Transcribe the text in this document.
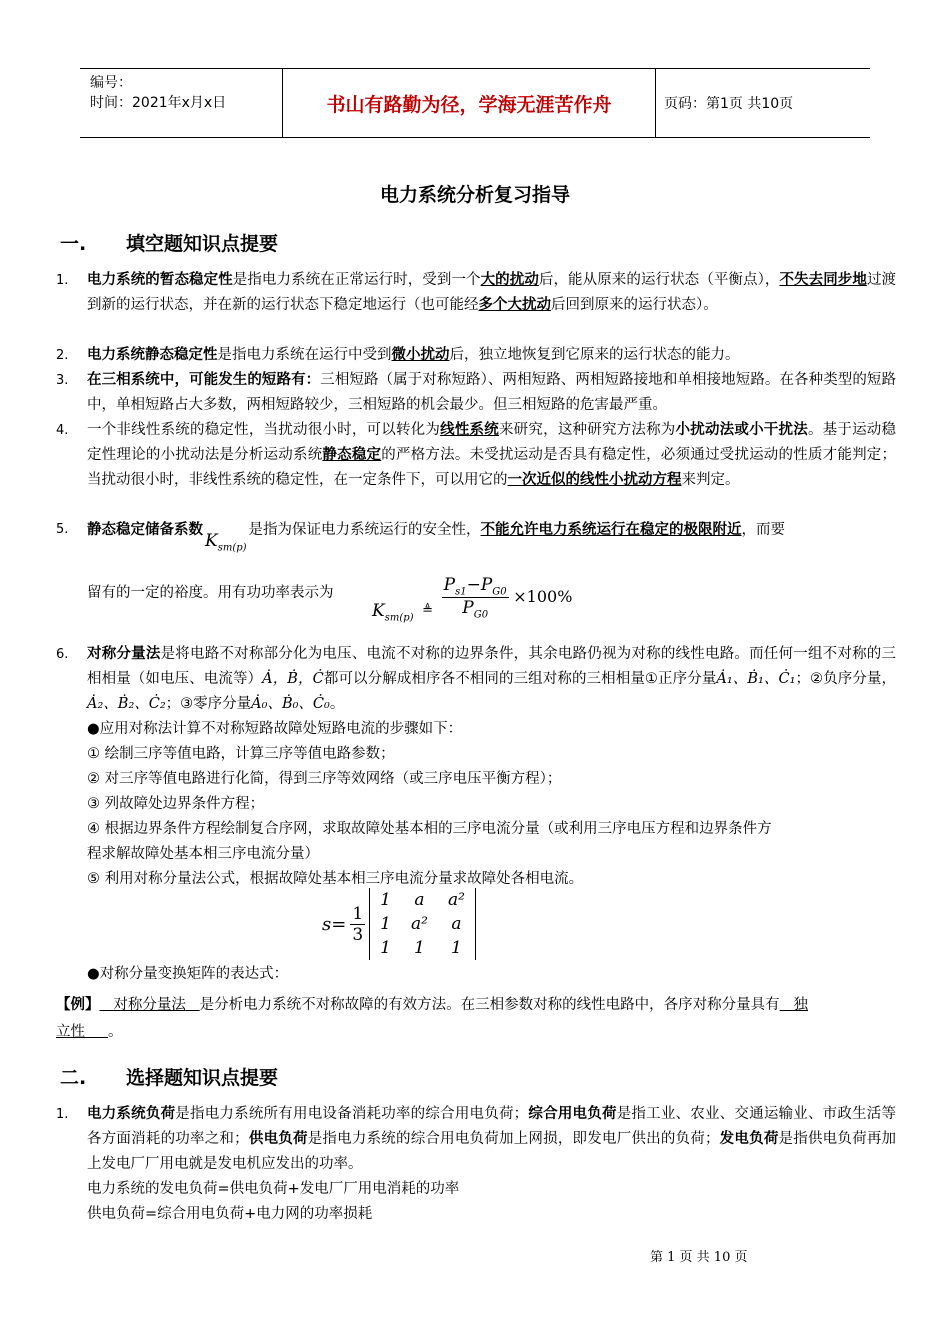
编号：
时间：2021年x月x日	书山有路勤为径，学海无涯苦作舟	页码：第1页 共10页
电力系统分析复习指导
一. 填空题知识点提要
1. 电力系统的暂态稳定性是指电力系统在正常运行时，受到一个大的扰动后，能从原来的运行状态（平衡点），不失去同步地过渡到新的运行状态，并在新的运行状态下稳定地运行（也可能经多个大扰动后回到原来的运行状态）。
2. 电力系统静态稳定性是指电力系统在运行中受到微小扰动后，独立地恢复到它原来的运行状态的能力。
3. 在三相系统中，可能发生的短路有：三相短路（属于对称短路）、两相短路、两相短路接地和单相接地短路。在各种类型的短路中，单相短路占大多数，两相短路较少，三相短路的机会最少。但三相短路的危害最严重。
4. 一个非线性系统的稳定性，当扰动很小时，可以转化为线性系统来研究，这种研究方法称为小扰动法或小干扰法。基于运动稳定性理论的小扰动法是分析运动系统静态稳定的严格方法。未受扰运动是否具有稳定性，必须通过受扰运动的性质才能判定；当扰动很小时，非线性系统的稳定性，在一定条件下，可以用它的一次近似的线性小扰动方程来判定。
5. 静态稳定储备系数$K_{sm(p)}$是指为保证电力系统运行的安全性，不能允许电力系统运行在稳定的极限附近，而要
留有的一定的裕度。用有功功率表示为
$K_{sm(p)}$ ≜ $\frac{P_{s1}-P_{G0}}{P_{G0}} \times 100\%$
6. 对称分量法是将电路不对称部分化为电压、电流不对称的边界条件，其余电路仍视为对称的线性电路。而任何一组不对称的三相相量（如电压、电流等）Ȧ，Ḃ，Ċ都可以分解成相序各不相同的三组对称的三相相量①正序分量Ȧ₁、Ḃ₁、Ċ₁；②负序分量，Ȧ₂、Ḃ₂、Ċ₂；③零序分量Ȧ₀、Ḃ₀、Ċ₀。
●应用对称法计算不对称短路故障处短路电流的步骤如下：
① 绘制三序等值电路，计算三序等值电路参数；
② 对三序等值电路进行化简，得到三序等效网络（或三序电压平衡方程）；
③ 列故障处边界条件方程；
④ 根据边界条件方程绘制复合序网，求取故障处基本相的三序电流分量（或利用三序电压方程和边界条件方
程求解故障处基本相三序电流分量）
⑤ 利用对称分量法公式，根据故障处基本相三序电流分量求故障处各相电流。
$s= \frac{1}{3}$
1	a	a²
1	a²	a
1	1	1
●对称分量变换矩阵的表达式：
【例】 对称分量法 是分析电力系统不对称故障的有效方法。在三相参数对称的线性电路中，各序对称分量具有 独
立性 。
二. 选择题知识点提要
1. 电力系统负荷是指电力系统所有用电设备消耗功率的综合用电负荷；综合用电负荷是指工业、农业、交通运输业、市政生活等各方面消耗的功率之和；供电负荷是指电力系统的综合用电负荷加上网损，即发电厂供出的负荷；发电负荷是指供电负荷再加上发电厂厂用电就是发电机应发出的功率。
电力系统的发电负荷=供电负荷+发电厂厂用电消耗的功率
供电负荷=综合用电负荷+电力网的功率损耗
第 1 页 共 10 页
